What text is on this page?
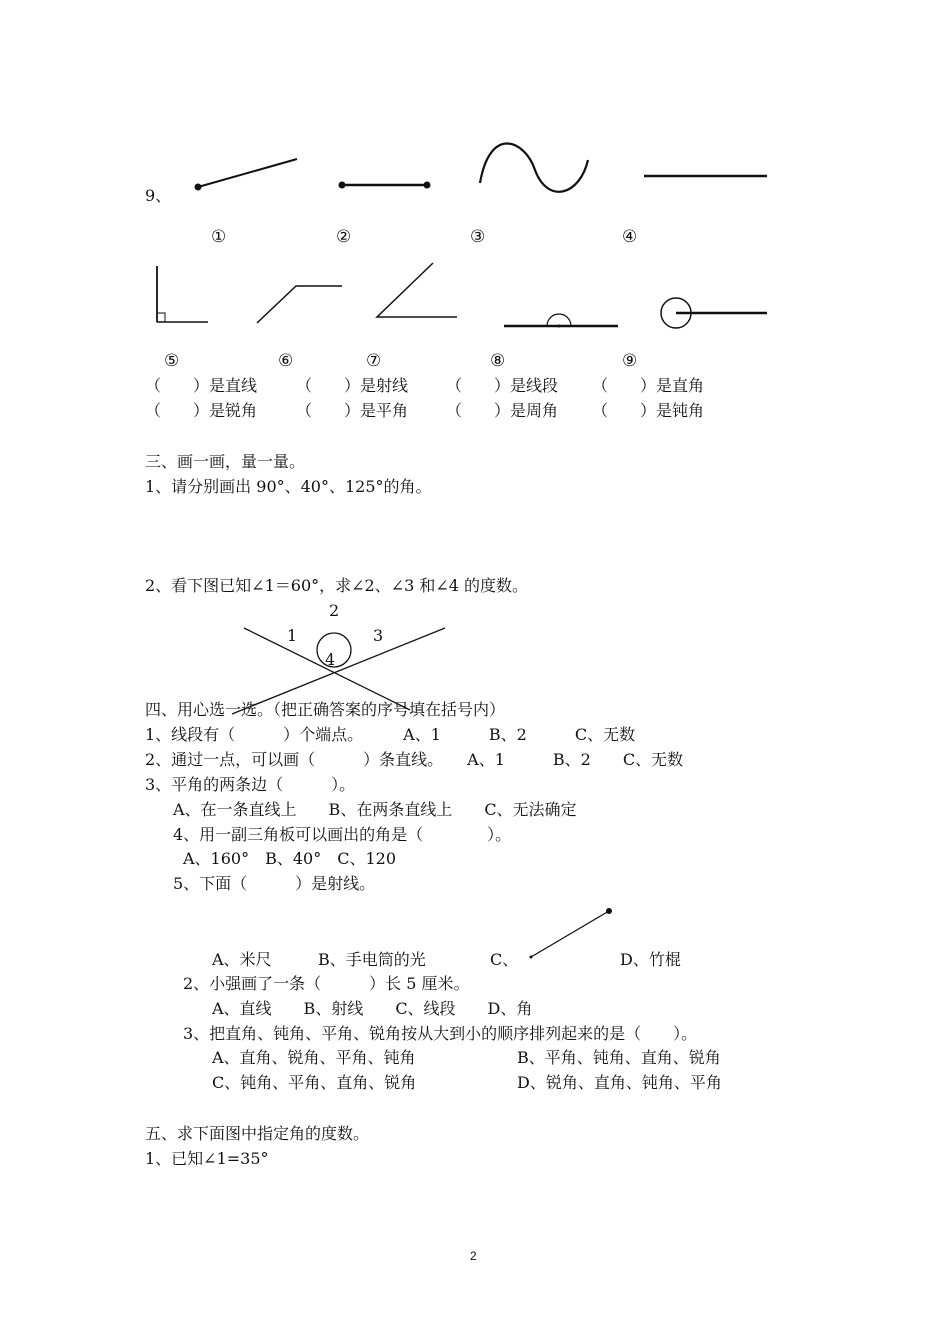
9、
①	②	③	④
⑤	⑥	⑦	⑧	⑨
（　　）是直线 （　　）是射线 （　　）是线段 （　　）是直角
（　　）是锐角 （　　）是平角 （　　）是周角 （　　）是钝角
三、画一画，量一量。
1、请分别画出 90°、40°、125°的角。
2、看下图已知∠1＝60°，求∠2、∠3 和∠4 的度数。
2
1	3
4
四、用心选一选。（把正确答案的序号填在括号内）
1、线段有（　　　）个端点。　　　A、1　　　B、2　　　C、无数
2、通过一点，可以画（　　　）条直线。　　A、1　　　B、2　　C、无数
3、平角的两条边（　　　）。
A、在一条直线上　　B、在两条直线上　　C、无法确定
4、用一副三角板可以画出的角是（　　　　）。
A、160°　B、40°　C、120
5、下面（　　　）是射线。
A、米尺	B、手电筒的光	C、	D、竹棍
2、小强画了一条（　　　）长 5 厘米。
A、直线　　B、射线　　C、线段　　D、角
3、把直角、钝角、平角、锐角按从大到小的顺序排列起来的是（　　）。
A、直角、锐角、平角、钝角	B、平角、钝角、直角、锐角
C、钝角、平角、直角、锐角	D、锐角、直角、钝角、平角
五、求下面图中指定角的度数。
1、已知∠1=35°
2
